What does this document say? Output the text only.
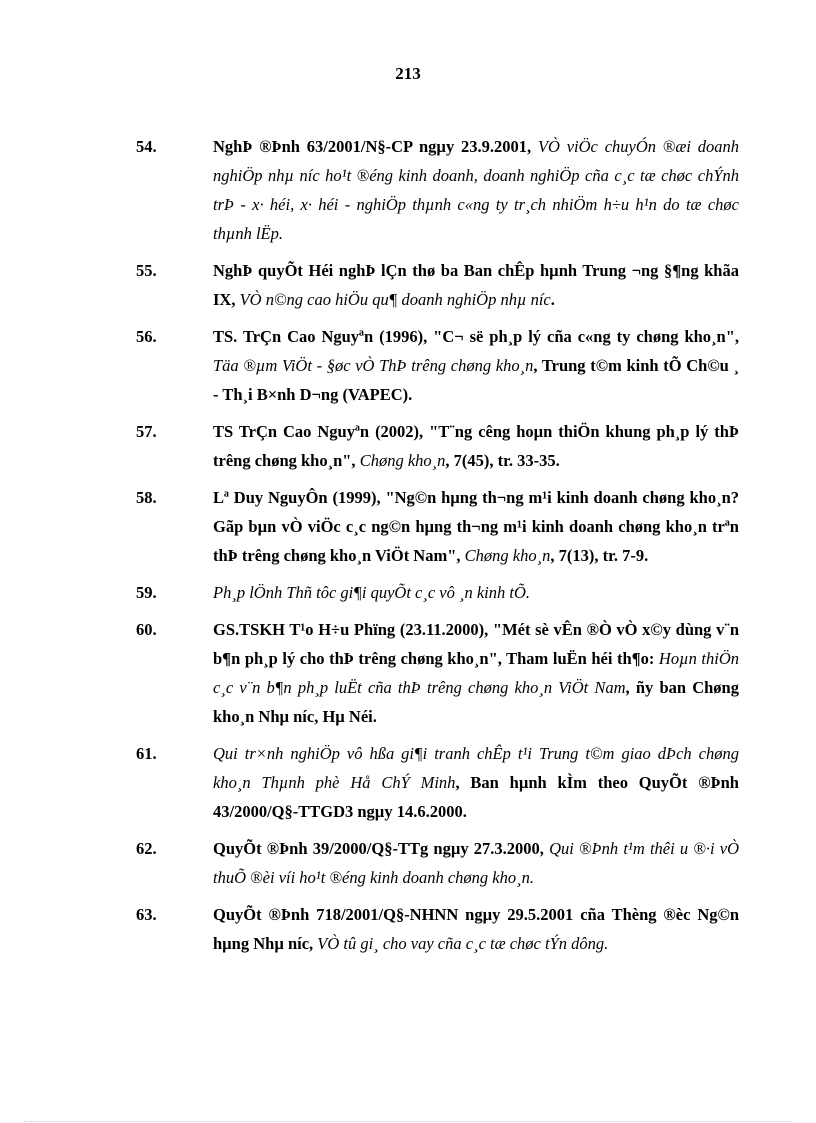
213
54.	NghÞ ®Þnh 63/2001/N§-CP ngµy 23.9.2001, VÒ viÖc chuyÓn ®æi doanh nghiÖp nhµ níc ho¹t ®éng kinh doanh, doanh nghiÖp cña c¸c tæ chøc chÝnh trÞ - x· héi, x· héi - nghiÖp thµnh c«ng ty tr¸ch nhiÖm h÷u h¹n do tæ chøc thµnh lËp.
55.	NghÞ quyÕt Héi nghÞ lÇn thø ba Ban chÊp hµnh Trung ¬ng §¶ng khãa IX, VÒ n©ng cao hiÖu qu¶ doanh nghiÖp nhµ níc.
56.	TS. TrÇn Cao Nguyªn (1996), "C¬ së ph¸p lý cña c«ng ty chøng kho¸n", Täa ®µm ViÖt - §øc vÒ ThÞ trêng chøng kho¸n, Trung t©m kinh tÕ Ch©u ¸ - Th¸i B×nh D¬ng (VAPEC).
57.	TS TrÇn Cao Nguyªn (2002), "T¨ng cêng hoµn thiÖn khung ph¸p lý thÞ trêng chøng kho¸n", Chøng kho¸n, 7(45), tr. 33-35.
58.	Lª Duy NguyÔn (1999), "Ng©n hµng th¬ng m¹i kinh doanh chøng kho¸n? Gãp bµn vÒ viÖc c¸c ng©n hµng th¬ng m¹i kinh doanh chøng kho¸n trªn thÞ trêng chøng kho¸n ViÖt Nam", Chøng kho¸n, 7(13), tr. 7-9.
59.	Ph¸p lÖnh Thñ tôc gi¶i quyÕt c¸c vô ¸n kinh tÕ.
60.	GS.TSKH T¹o H÷u Phïng (23.11.2000), "Mét sè vÊn ®Ò vÒ x©y dùng v¨n b¶n ph¸p lý cho thÞ trêng chøng kho¸n", Tham luËn héi th¶o: Hoµn thiÖn c¸c v¨n b¶n ph¸p luËt cña thÞ trêng chøng kho¸n ViÖt Nam, ñy ban Chøng kho¸n Nhµ níc, Hµ Néi.
61.	Qui tr×nh nghiÖp vô hßa gi¶i tranh chÊp t¹i Trung t©m giao dÞch chøng kho¸n Thµnh phè Hå ChÝ Minh, Ban hµnh kÌm theo QuyÕt ®Þnh 43/2000/Q§-TTGD3 ngµy 14.6.2000.
62.	QuyÕt ®Þnh 39/2000/Q§-TTg ngµy 27.3.2000, Qui ®Þnh t¹m thêi u ®·i vÒ thuÕ ®èi víi ho¹t ®éng kinh doanh chøng kho¸n.
63.	QuyÕt ®Þnh 718/2001/Q§-NHNN ngµy 29.5.2001 cña Thèng ®èc Ng©n hµng Nhµ níc, VÒ tû gi¸ cho vay cña c¸c tæ chøc tÝn dông.
